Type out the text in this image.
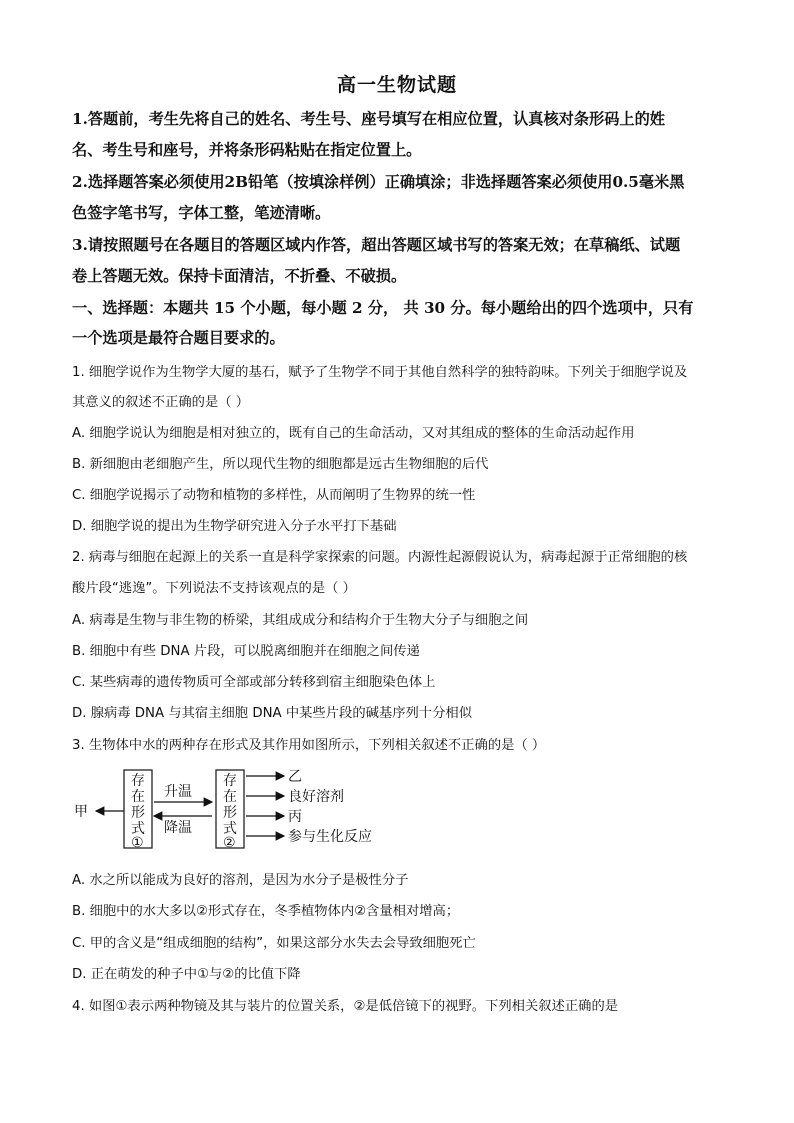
高一生物试题
1.答题前，考生先将自己的姓名、考生号、座号填写在相应位置，认真核对条形码上的姓
名、考生号和座号，并将条形码粘贴在指定位置上。
2.选择题答案必须使用2B铅笔（按填涂样例）正确填涂；非选择题答案必须使用0.5毫米黑
色签字笔书写，字体工整，笔迹清晰。
3.请按照题号在各题目的答题区域内作答，超出答题区域书写的答案无效；在草稿纸、试题
卷上答题无效。保持卡面清洁，不折叠、不破损。
一、选择题：本题共 15 个小题，每小题 2 分， 共 30 分。每小题给出的四个选项中，只有
一个选项是最符合题目要求的。
1. 细胞学说作为生物学大厦的基石，赋予了生物学不同于其他自然科学的独特韵味。下列关于细胞学说及
其意义的叙述不正确的是（ ）
A. 细胞学说认为细胞是相对独立的，既有自己的生命活动，又对其组成的整体的生命活动起作用
B. 新细胞由老细胞产生，所以现代生物的细胞都是远古生物细胞的后代
C. 细胞学说揭示了动物和植物的多样性，从而阐明了生物界的统一性
D. 细胞学说的提出为生物学研究进入分子水平打下基础
2. 病毒与细胞在起源上的关系一直是科学家探索的问题。内源性起源假说认为，病毒起源于正常细胞的核
酸片段“逃逸”。下列说法不支持该观点的是（ ）
A. 病毒是生物与非生物的桥梁，其组成成分和结构介于生物大分子与细胞之间
B. 细胞中有些 DNA 片段，可以脱离细胞并在细胞之间传递
C. 某些病毒的遗传物质可全部或部分转移到宿主细胞染色体上
D. 腺病毒 DNA 与其宿主细胞 DNA 中某些片段的碱基序列十分相似
3. 生物体中水的两种存在形式及其作用如图所示，下列相关叙述不正确的是（ ）
甲
存
在
形
式
①
升温
降温
存
在
形
式
②
乙
良好溶剂
丙
参与生化反应
A. 水之所以能成为良好的溶剂，是因为水分子是极性分子
B. 细胞中的水大多以②形式存在，冬季植物体内②含量相对增高；
C. 甲的含义是“组成细胞的结构”，如果这部分水失去会导致细胞死亡
D. 正在萌发的种子中①与②的比值下降
4. 如图①表示两种物镜及其与装片的位置关系，②是低倍镜下的视野。下列相关叙述正确的是
